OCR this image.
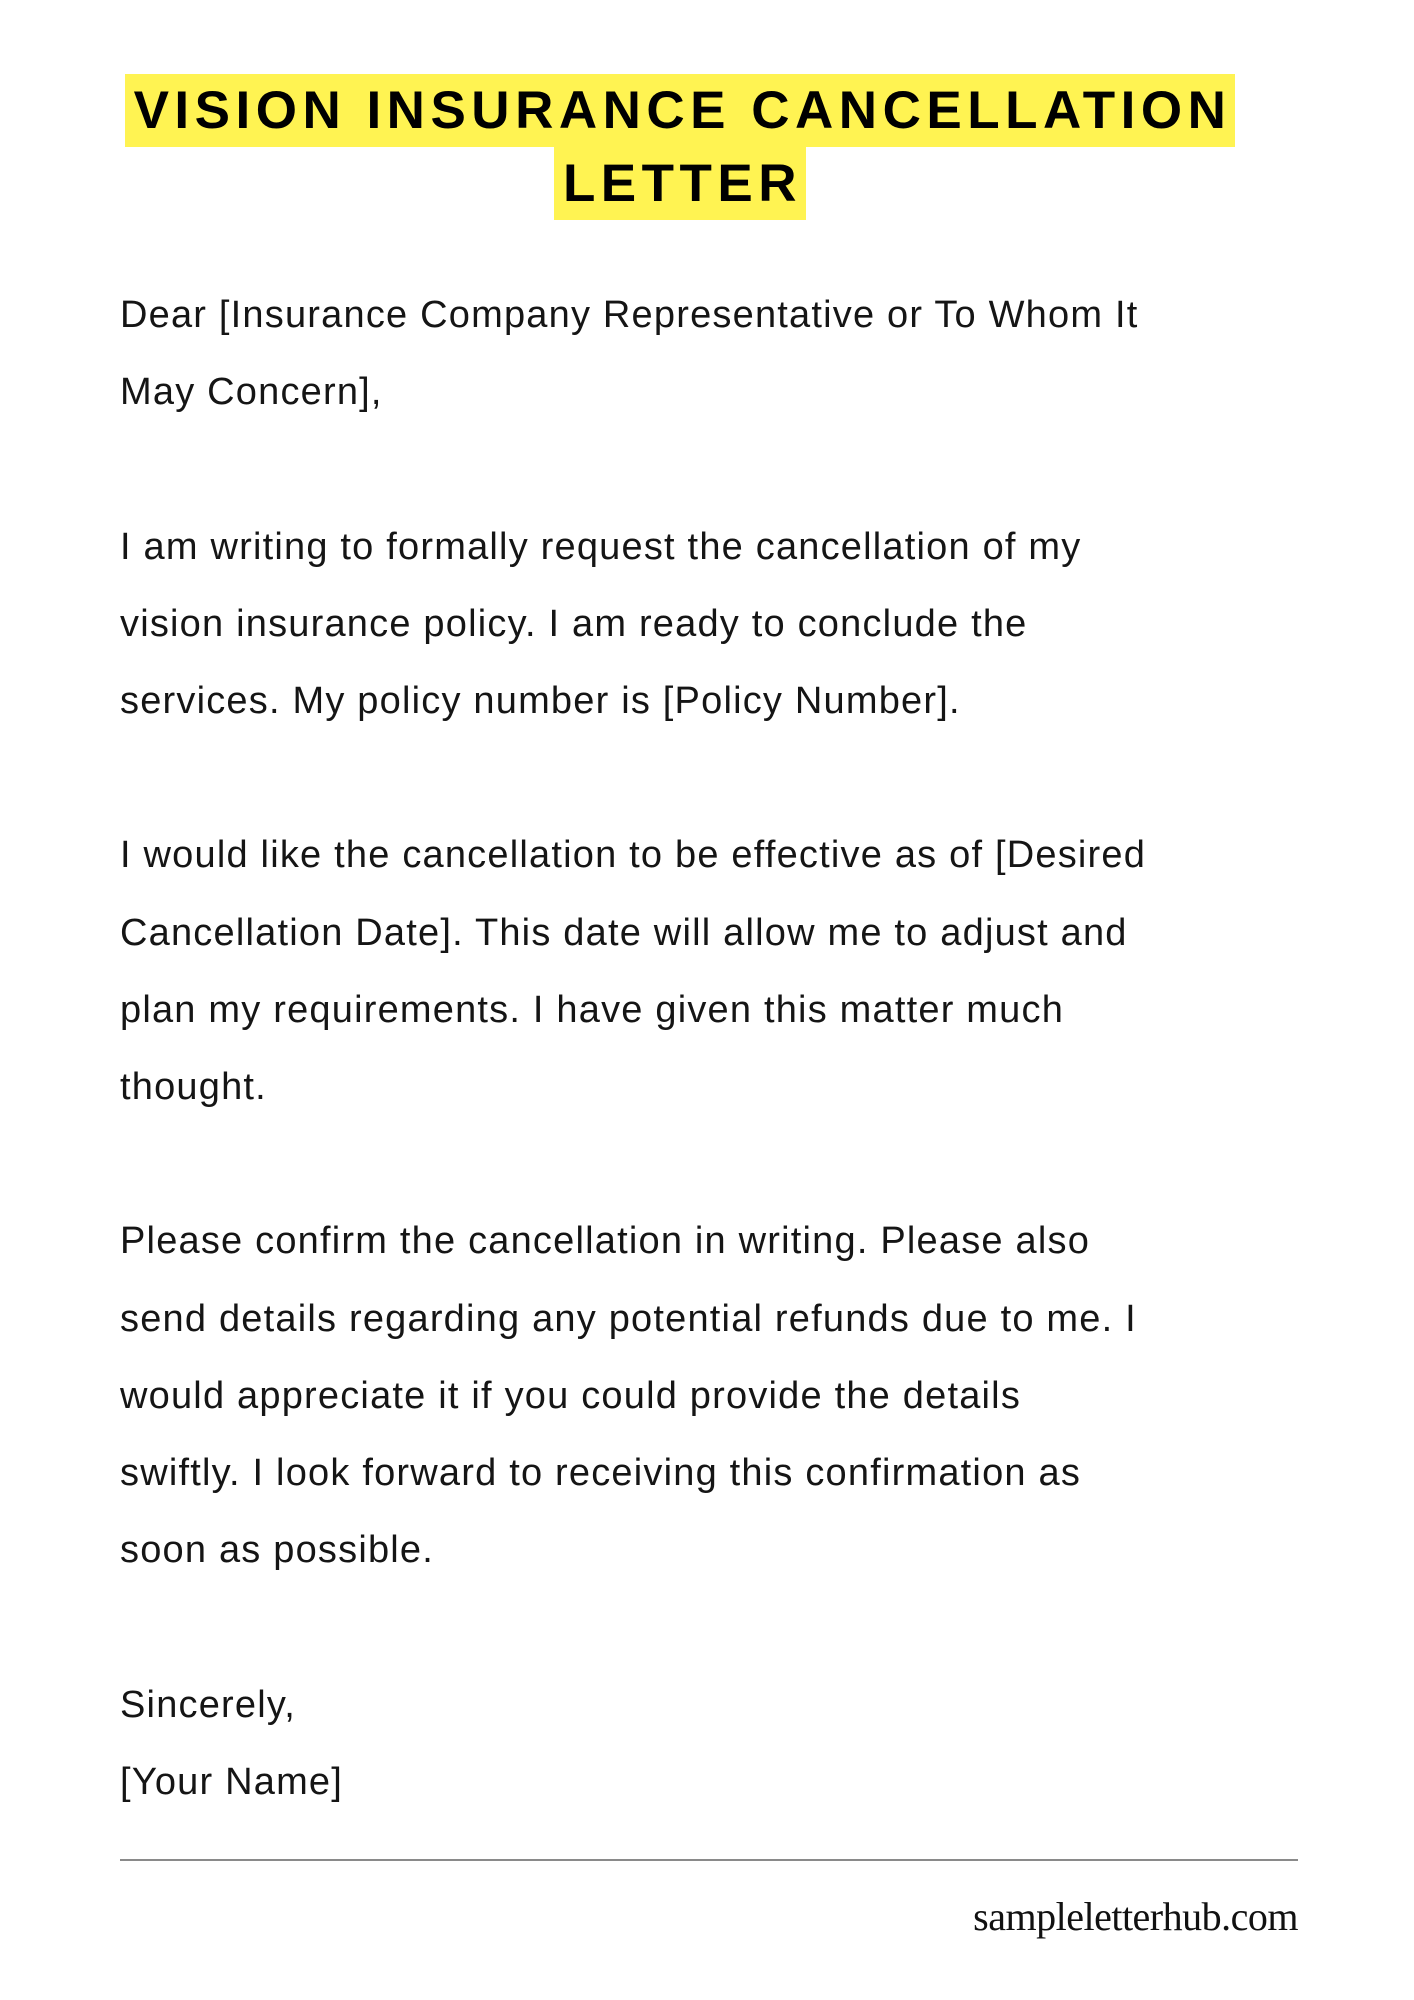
VISION INSURANCE CANCELLATION
LETTER

Dear [Insurance Company Representative or To Whom It
May Concern],

I am writing to formally request the cancellation of my
vision insurance policy. I am ready to conclude the
services. My policy number is [Policy Number].

I would like the cancellation to be effective as of [Desired
Cancellation Date]. This date will allow me to adjust and
plan my requirements. I have given this matter much
thought.

Please confirm the cancellation in writing. Please also
send details regarding any potential refunds due to me. I
would appreciate it if you could provide the details
swiftly. I look forward to receiving this confirmation as
soon as possible.

Sincerely,
[Your Name]

sampleletterhub.com
